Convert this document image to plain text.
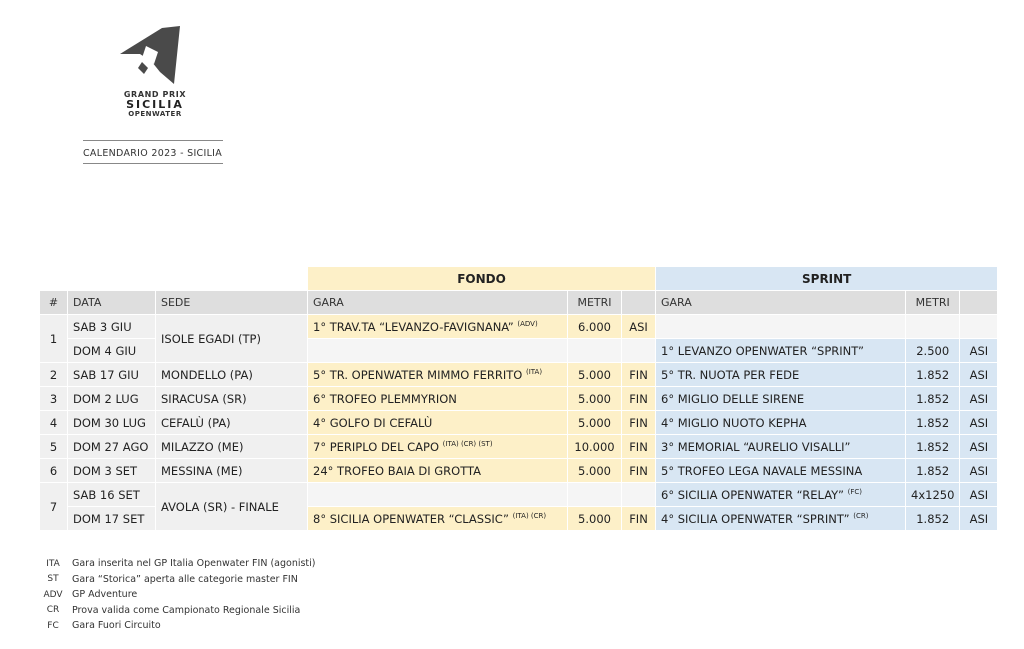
GRAND PRIX
SICILIA
OPENWATER
CALENDARIO 2023 - SICILIA
			FONDO			SPRINT		
#	DATA	SEDE	GARA	METRI		GARA	METRI	
1	SAB 3 GIU	ISOLE EGADI (TP)	1° TRAV.TA “LEVANZO-FAVIGNANA” $^{(ADV)}$	6.000	ASI			
	DOM 4 GIU					1° LEVANZO OPENWATER “SPRINT”	2.500	ASI
2	SAB 17 GIU	MONDELLO (PA)	5° TR. OPENWATER MIMMO FERRITO $^{(ITA)}$	5.000	FIN	5° TR. NUOTA PER FEDE	1.852	ASI
3	DOM 2 LUG	SIRACUSA (SR)	6° TROFEO PLEMMYRION	5.000	FIN	6° MIGLIO DELLE SIRENE	1.852	ASI
4	DOM 30 LUG	CEFALÙ (PA)	4° GOLFO DI CEFALÙ	5.000	FIN	4° MIGLIO NUOTO KEPHA	1.852	ASI
5	DOM 27 AGO	MILAZZO (ME)	7° PERIPLO DEL CAPO $^{(ITA) (CR) (ST)}$	10.000	FIN	3° MEMORIAL “AURELIO VISALLI”	1.852	ASI
6	DOM 3 SET	MESSINA (ME)	24° TROFEO BAIA DI GROTTA	5.000	FIN	5° TROFEO LEGA NAVALE MESSINA	1.852	ASI
7	SAB 16 SET	AVOLA (SR) - FINALE				6° SICILIA OPENWATER “RELAY” $^{(FC)}$	4x1250	ASI
	DOM 17 SET		8° SICILIA OPENWATER “CLASSIC” $^{(ITA) (CR)}$	5.000	FIN	4° SICILIA OPENWATER “SPRINT” $^{(CR)}$	1.852	ASI
ITA	Gara inserita nel GP Italia Openwater FIN (agonisti)
ST	Gara “Storica” aperta alle categorie master FIN
ADV GP Adventure
CR	Prova valida come Campionato Regionale Sicilia
FC	Gara Fuori Circuito
